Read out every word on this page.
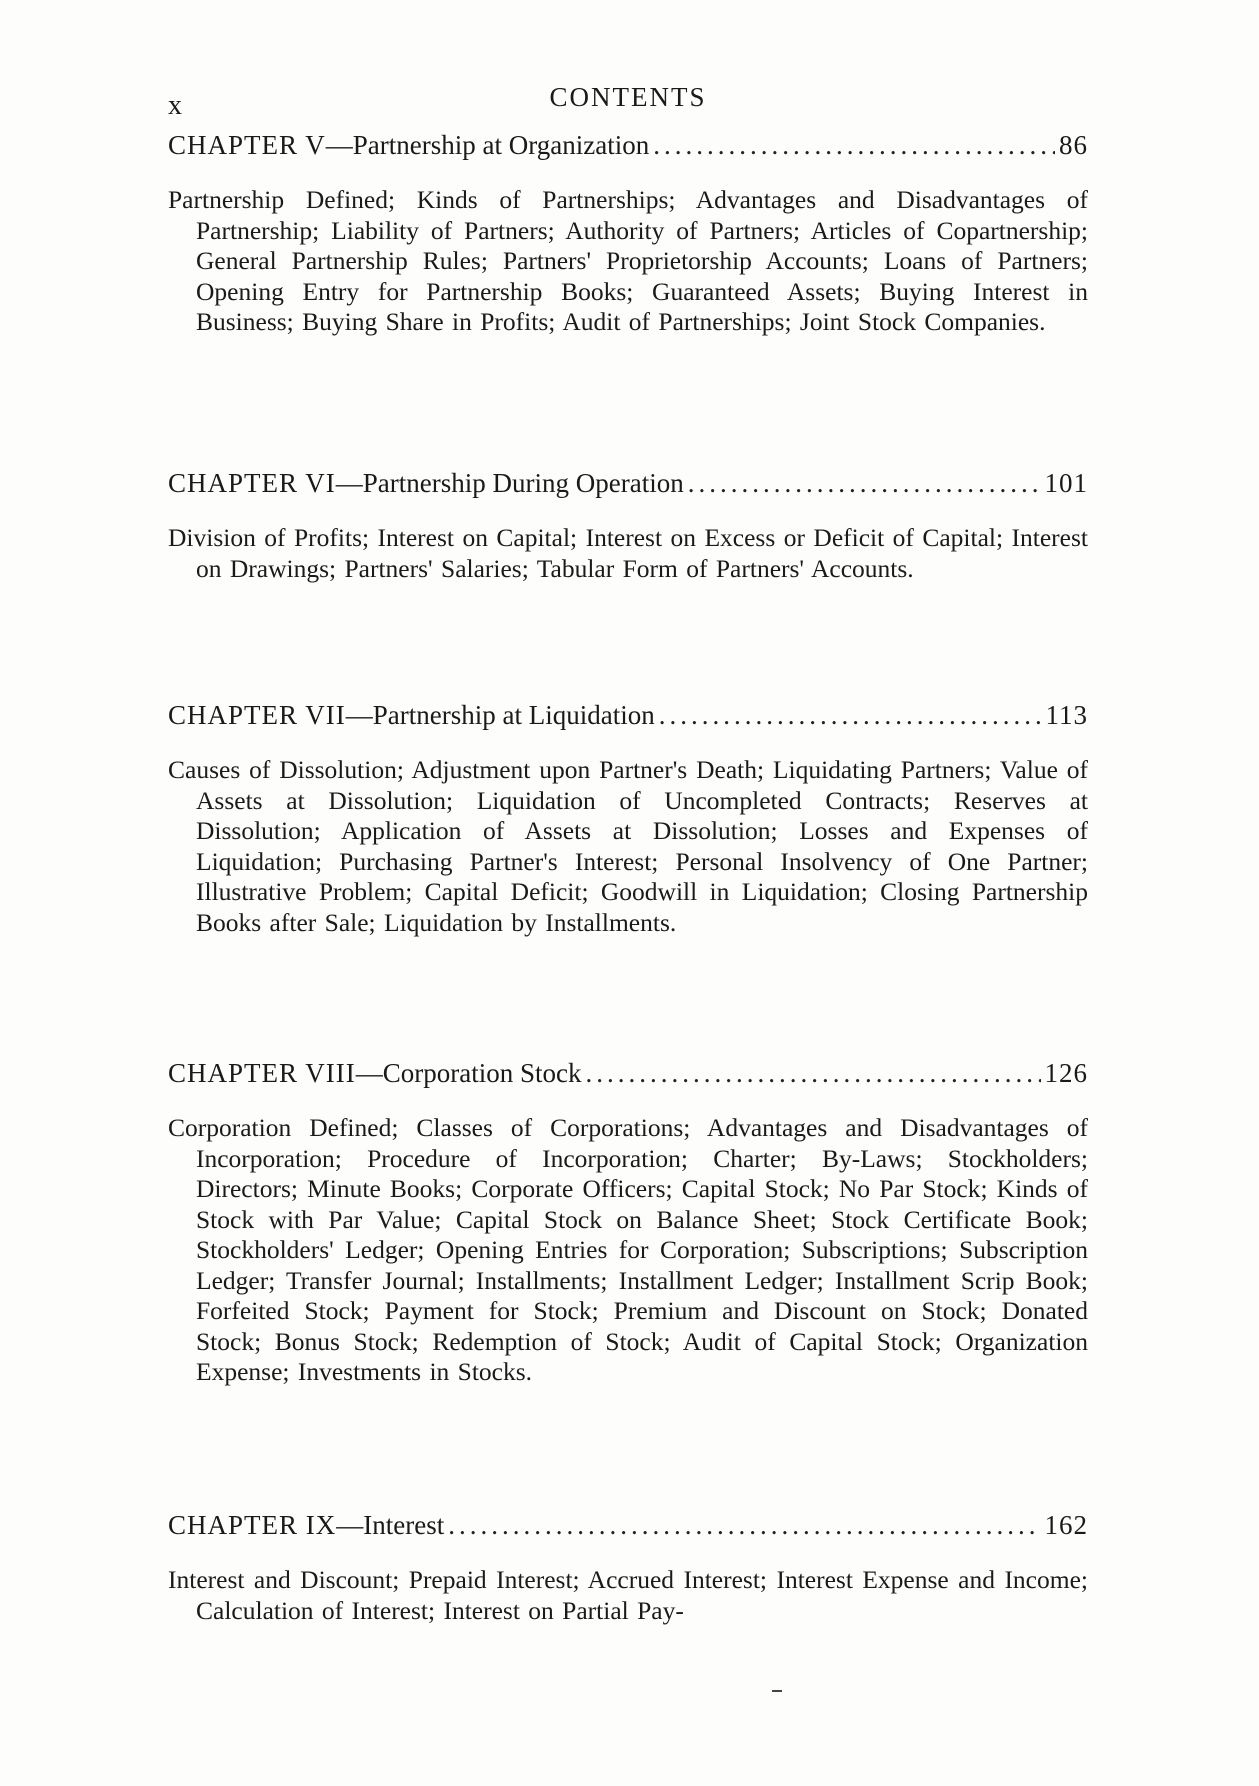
x	CONTENTS
CHAPTER V — Partnership at Organization .....	86
Partnership Defined; Kinds of Partnerships; Advantages and Disadvantages of Partnership; Liability of Partners; Authority of Partners; Articles of Copartnership; General Partnership Rules; Partners' Proprietorship Accounts; Loans of Partners; Opening Entry for Partnership Books; Guaranteed Assets; Buying Interest in Business; Buying Share in Profits; Audit of Partnerships; Joint Stock Companies.
CHAPTER VI — Partnership During Operation .....	101
Division of Profits; Interest on Capital; Interest on Excess or Deficit of Capital; Interest on Drawings; Partners' Salaries; Tabular Form of Partners' Accounts.
CHAPTER VII — Partnership at Liquidation .....	113
Causes of Dissolution; Adjustment upon Partner's Death; Liquidating Partners; Value of Assets at Dissolution; Liquidation of Uncompleted Contracts; Reserves at Dissolution; Application of Assets at Dissolution; Losses and Expenses of Liquidation; Purchasing Partner's Interest; Personal Insolvency of One Partner; Illustrative Problem; Capital Deficit; Goodwill in Liquidation; Closing Partnership Books after Sale; Liquidation by Installments.
CHAPTER VIII — Corporation Stock .....	126
Corporation Defined; Classes of Corporations; Advantages and Disadvantages of Incorporation; Procedure of Incorporation; Charter; By-Laws; Stockholders; Directors; Minute Books; Corporate Officers; Capital Stock; No Par Stock; Kinds of Stock with Par Value; Capital Stock on Balance Sheet; Stock Certificate Book; Stockholders' Ledger; Opening Entries for Corporation; Subscriptions; Subscription Ledger; Transfer Journal; Installments; Installment Ledger; Installment Scrip Book; Forfeited Stock; Payment for Stock; Premium and Discount on Stock; Donated Stock; Bonus Stock; Redemption of Stock; Audit of Capital Stock; Organization Expense; Investments in Stocks.
CHAPTER IX — Interest .....	162
Interest and Discount; Prepaid Interest; Accrued Interest; Interest Expense and Income; Calculation of Interest; Interest on Partial Pay-
